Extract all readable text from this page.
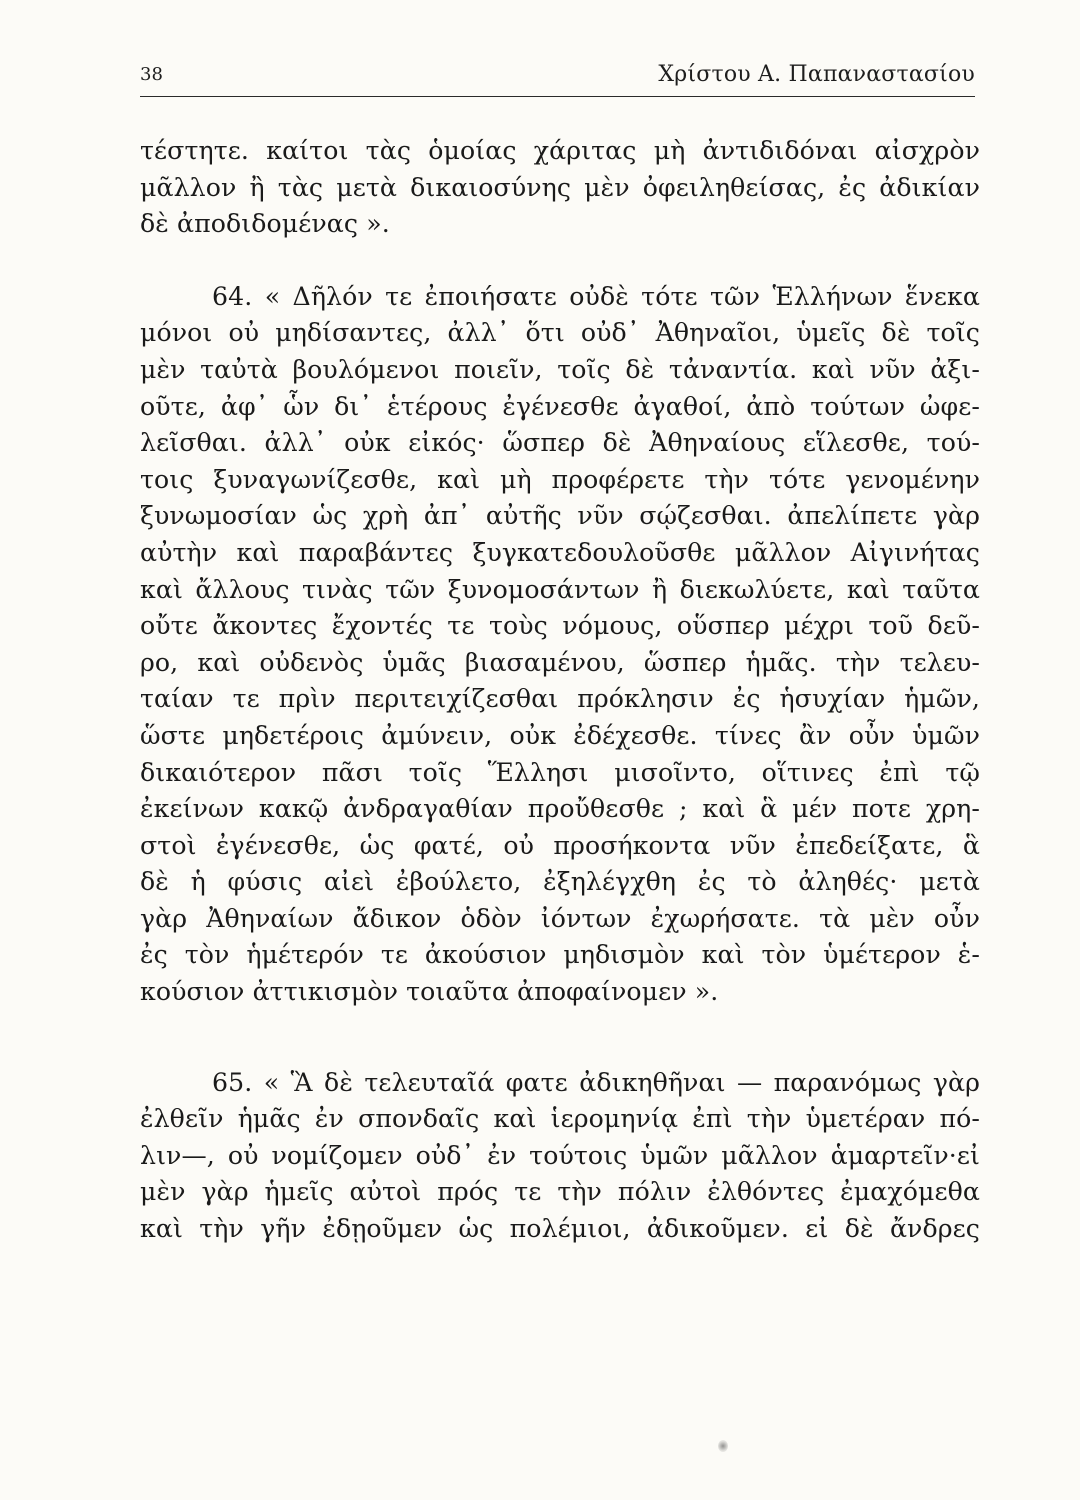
38	Χρίστου Α. Παπαναστασίου
τέστητε. καίτοι τὰς ὁμοίας χάριτας μὴ ἀντιδιδόναι αἰσχρὸν
μᾶλλον ἢ τὰς μετὰ δικαιοσύνης μὲν ὀφειληθείσας, ἐς ἀδικίαν
δὲ ἀποδιδομένας ».
64. « Δῆλόν τε ἐποιήσατε οὐδὲ τότε τῶν Ἑλλήνων ἕνεκα
μόνοι οὐ μηδίσαντες, ἀλλ᾽ ὅτι οὐδ᾽ Ἀθηναῖοι, ὑμεῖς δὲ τοῖς
μὲν ταὐτὰ βουλόμενοι ποιεῖν, τοῖς δὲ τἀναντία. καὶ νῦν ἀξι-
οῦτε, ἀφ᾽ ὧν δι᾽ ἑτέρους ἐγένεσθε ἀγαθοί, ἀπὸ τούτων ὠφε-
λεῖσθαι. ἀλλ᾽ οὐκ εἰκός· ὥσπερ δὲ Ἀθηναίους εἵλεσθε, τού-
τοις ξυναγωνίζεσθε, καὶ μὴ προφέρετε τὴν τότε γενομένην
ξυνωμοσίαν ὡς χρὴ ἀπ᾽ αὐτῆς νῦν σῴζεσθαι. ἀπελίπετε γὰρ
αὐτὴν καὶ παραβάντες ξυγκατεδουλοῦσθε μᾶλλον Αἰγινήτας
καὶ ἄλλους τινὰς τῶν ξυνομοσάντων ἢ διεκωλύετε, καὶ ταῦτα
οὔτε ἄκοντες ἔχοντές τε τοὺς νόμους, οὕσπερ μέχρι τοῦ δεῦ-
ρο, καὶ οὐδενὸς ὑμᾶς βιασαμένου, ὥσπερ ἡμᾶς. τὴν τελευ-
ταίαν τε πρὶν περιτειχίζεσθαι πρόκλησιν ἐς ἡσυχίαν ἡμῶν,
ὥστε μηδετέροις ἀμύνειν, οὐκ ἐδέχεσθε. τίνες ἂν οὖν ὑμῶν
δικαιότερον πᾶσι τοῖς Ἕλλησι μισοῖντο, οἵτινες ἐπὶ τῷ
ἐκείνων κακῷ ἀνδραγαθίαν προὔθεσθε ; καὶ ἃ μέν ποτε χρη-
στοὶ ἐγένεσθε, ὡς φατέ, οὐ προσήκοντα νῦν ἐπεδείξατε, ἃ
δὲ ἡ φύσις αἰεὶ ἐβούλετο, ἐξηλέγχθη ἐς τὸ ἀληθές· μετὰ
γὰρ Ἀθηναίων ἄδικον ὁδὸν ἰόντων ἐχωρήσατε. τὰ μὲν οὖν
ἐς τὸν ἡμέτερόν τε ἀκούσιον μηδισμὸν καὶ τὸν ὑμέτερον ἑ-
κούσιον ἀττικισμὸν τοιαῦτα ἀποφαίνομεν ».
65. « Ἃ δὲ τελευταῖά φατε ἀδικηθῆναι — παρανόμως γὰρ
ἐλθεῖν ἡμᾶς ἐν σπονδαῖς καὶ ἱερομηνίᾳ ἐπὶ τὴν ὑμετέραν πό-
λιν—, οὐ νομίζομεν οὐδ᾽ ἐν τούτοις ὑμῶν μᾶλλον ἁμαρτεῖν·εἰ
μὲν γὰρ ἡμεῖς αὐτοὶ πρός τε τὴν πόλιν ἐλθόντες ἐμαχόμεθα
καὶ τὴν γῆν ἐδῃοῦμεν ὡς πολέμιοι, ἀδικοῦμεν. εἰ δὲ ἄνδρες
